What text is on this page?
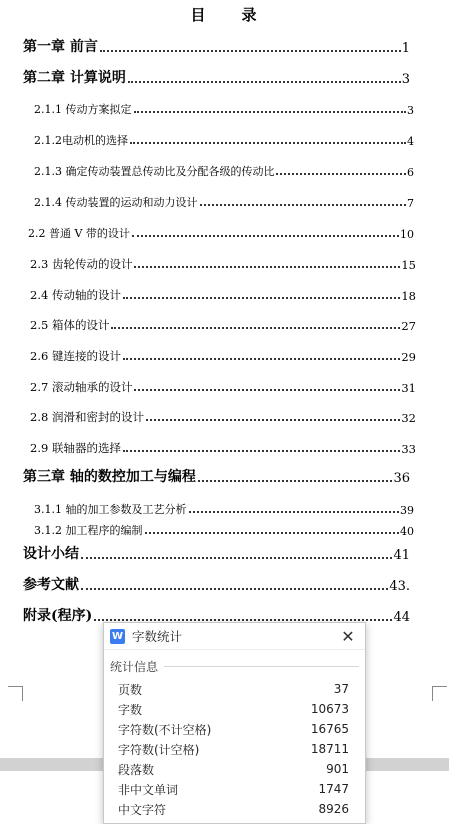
目　　录
第一章 前言	1
第二章 计算说明	3
2.1.1 传动方案拟定	3
2.1.2电动机的选择	4
2.1.3 确定传动装置总传动比及分配各级的传动比	6
2.1.4 传动装置的运动和动力设计	7
2.2 普通 V 带的设计	10
2.3 齿轮传动的设计	15
2.4 传动轴的设计	18
2.5 箱体的设计	27
2.6 键连接的设计	29
2.7 滚动轴承的设计	31
2.8 润滑和密封的设计	32
2.9 联轴器的选择	33
第三章 轴的数控加工与编程	36
3.1.1 轴的加工参数及工艺分析	39
3.1.2 加工程序的编制	40
设计小结	41
参考文献	43.
附录(程序)	44
W 字数统计	✕
统计信息
页数	37
字数	10673
字符数(不计空格)	16765
字符数(计空格)	18711
段落数	901
非中文单词	1747
中文字符	8926
